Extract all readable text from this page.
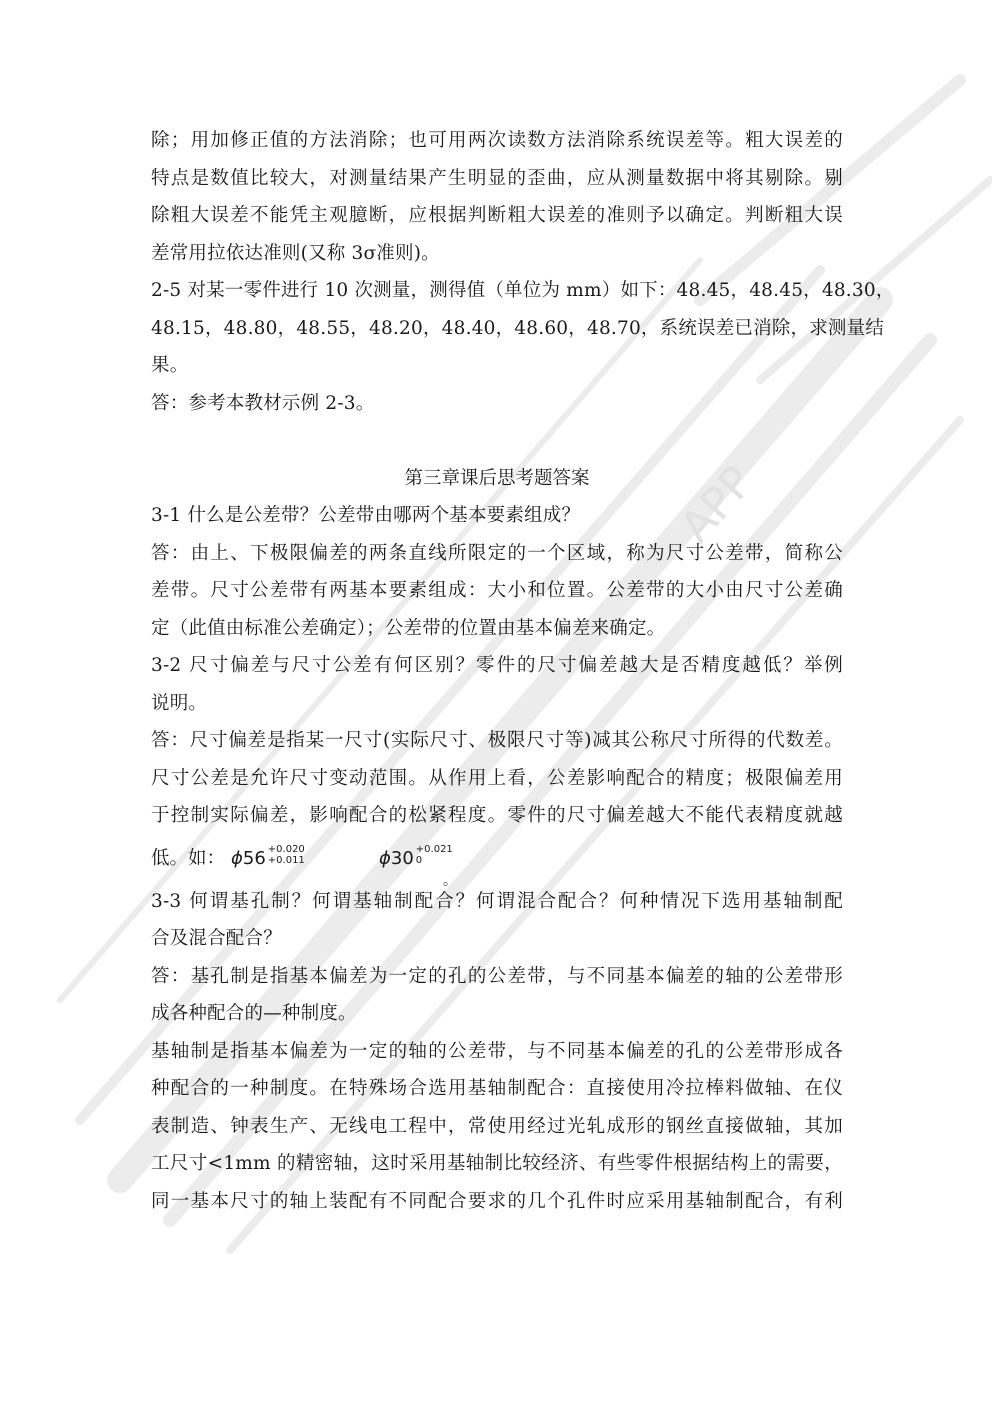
APP
除；用加修正值的方法消除；也可用两次读数方法消除系统误差等。粗大误差的
特点是数值比较大，对测量结果产生明显的歪曲，应从测量数据中将其剔除。剔
除粗大误差不能凭主观臆断，应根据判断粗大误差的准则予以确定。判断粗大误
差常用拉依达准则(又称 3σ准则)。
2-5 对某一零件进行 10 次测量，测得值（单位为 mm）如下：48.45，48.45，48.30，
48.15，48.80，48.55，48.20，48.40，48.60，48.70，系统误差已消除，求测量结
果。
答：参考本教材示例 2-3。
第三章课后思考题答案
3-1 什么是公差带？公差带由哪两个基本要素组成？
答：由上、下极限偏差的两条直线所限定的一个区域，称为尺寸公差带，简称公
差带。尺寸公差带有两基本要素组成：大小和位置。公差带的大小由尺寸公差确
定（此值由标准公差确定）；公差带的位置由基本偏差来确定。
3-2 尺寸偏差与尺寸公差有何区别？零件的尺寸偏差越大是否精度越低？举例
说明。
答：尺寸偏差是指某一尺寸(实际尺寸、极限尺寸等)减其公称尺寸所得的代数差。
尺寸公差是允许尺寸变动范围。从作用上看，公差影响配合的精度；极限偏差用
于控制实际偏差，影响配合的松紧程度。零件的尺寸偏差越大不能代表精度就越
低。如： ϕ56 +0.020
+0.011	ϕ30 +0.021
0
。
3-3 何谓基孔制？何谓基轴制配合？何谓混合配合？何种情况下选用基轴制配
合及混合配合？
答：基孔制是指基本偏差为一定的孔的公差带，与不同基本偏差的轴的公差带形
成各种配合的—种制度。
基轴制是指基本偏差为一定的轴的公差带，与不同基本偏差的孔的公差带形成各
种配合的一种制度。在特殊场合选用基轴制配合：直接使用冷拉棒料做轴、在仪
表制造、钟表生产、无线电工程中，常使用经过光轧成形的钢丝直接做轴，其加
工尺寸<1mm 的精密轴，这时采用基轴制比较经济、有些零件根据结构上的需要，
同一基本尺寸的轴上装配有不同配合要求的几个孔件时应采用基轴制配合，有利
